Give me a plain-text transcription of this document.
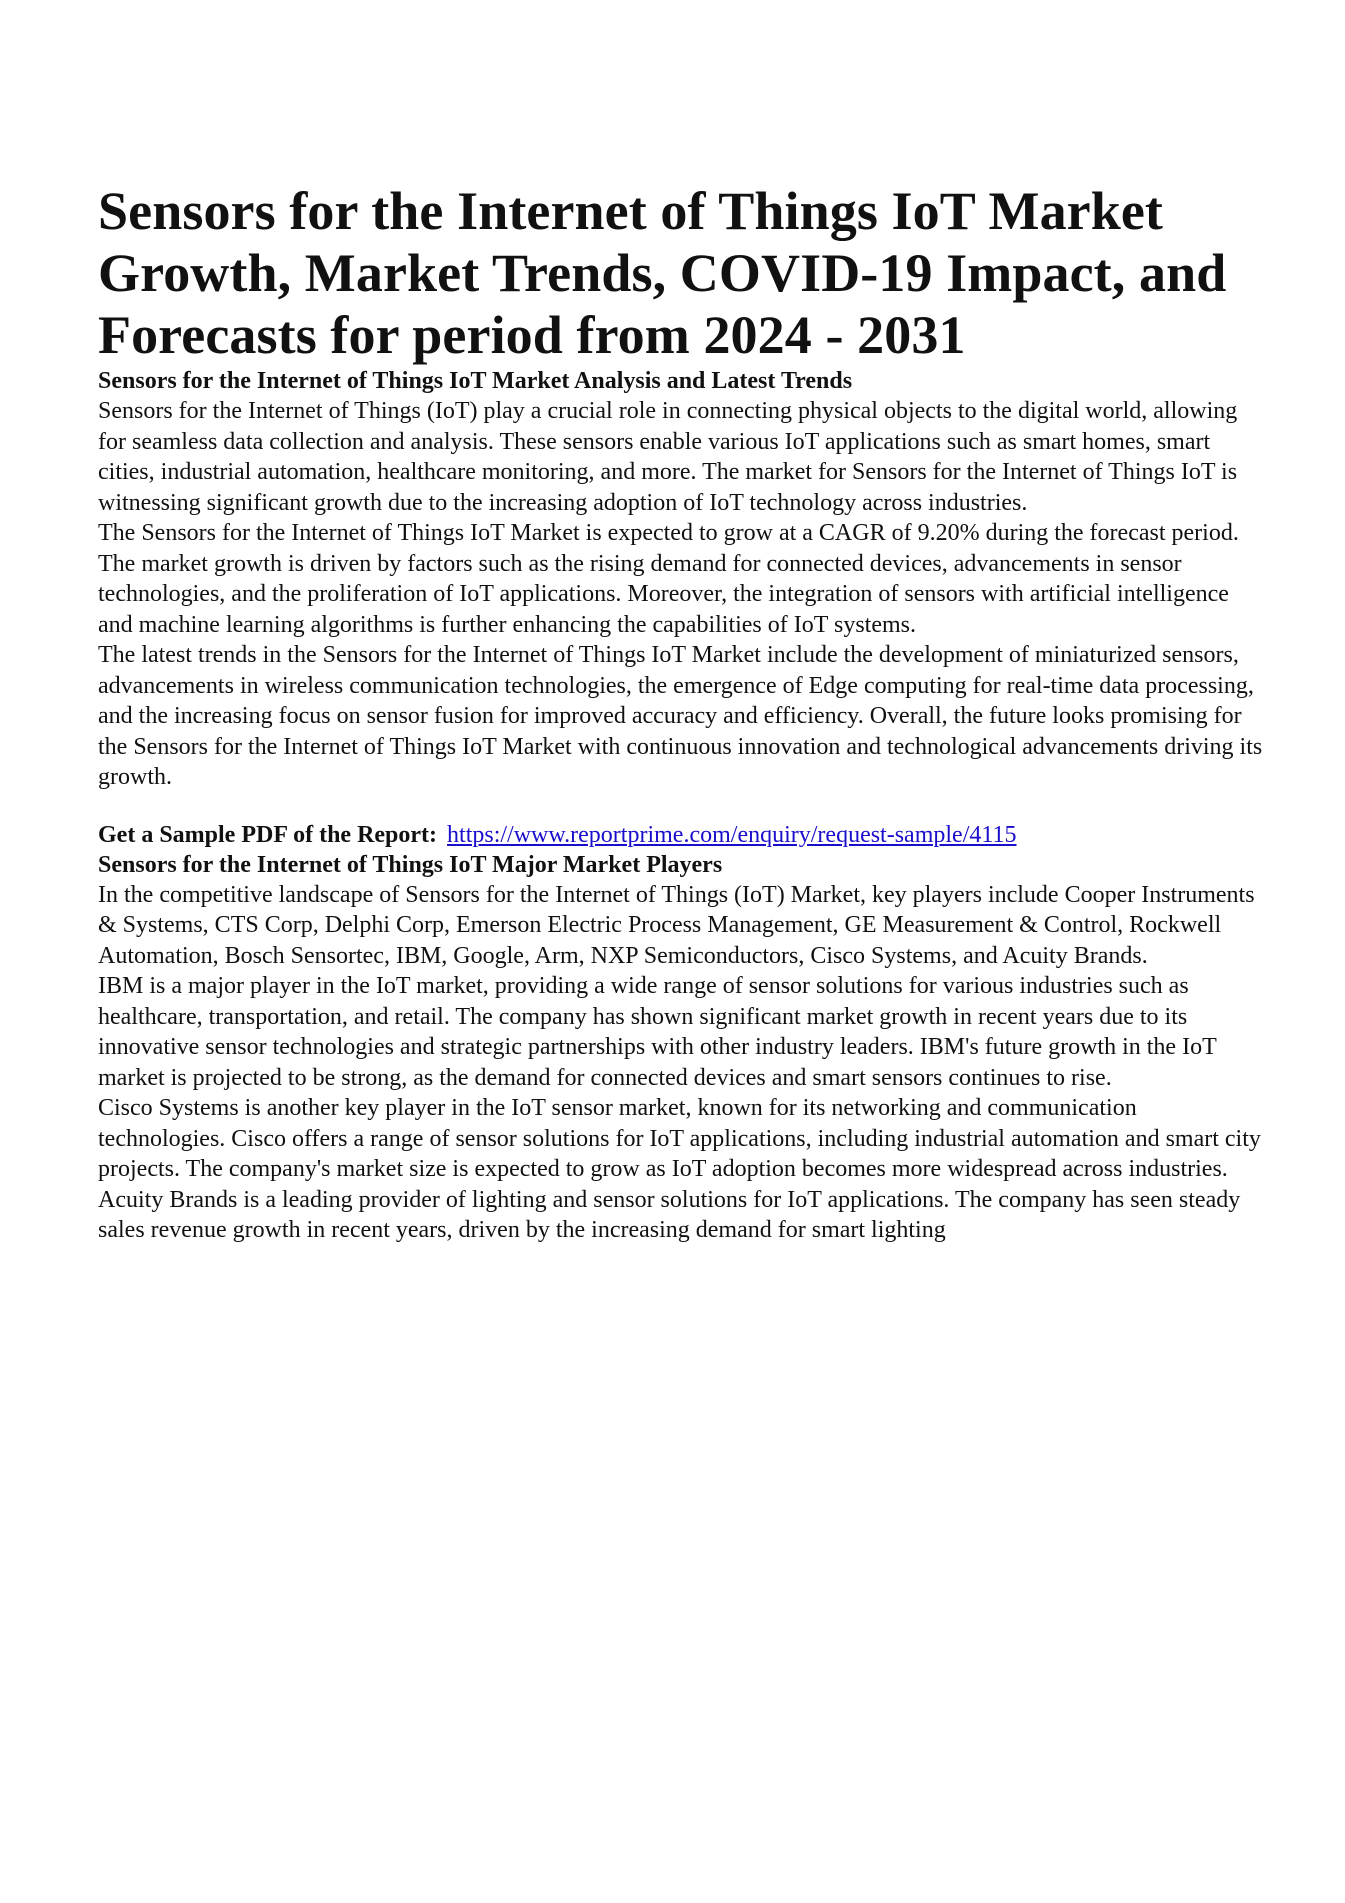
Sensors for the Internet of Things IoT Market Growth, Market Trends, COVID-19 Impact, and Forecasts for period from 2024 - 2031
Sensors for the Internet of Things IoT Market Analysis and Latest Trends

Sensors for the Internet of Things (IoT) play a crucial role in connecting physical objects to the digital world, allowing for seamless data collection and analysis. These sensors enable various IoT applications such as smart homes, smart cities, industrial automation, healthcare monitoring, and more. The market for Sensors for the Internet of Things IoT is witnessing significant growth due to the increasing adoption of IoT technology across industries.

The Sensors for the Internet of Things IoT Market is expected to grow at a CAGR of 9.20% during the forecast period. The market growth is driven by factors such as the rising demand for connected devices, advancements in sensor technologies, and the proliferation of IoT applications. Moreover, the integration of sensors with artificial intelligence and machine learning algorithms is further enhancing the capabilities of IoT systems.

The latest trends in the Sensors for the Internet of Things IoT Market include the development of miniaturized sensors, advancements in wireless communication technologies, the emergence of Edge computing for real-time data processing, and the increasing focus on sensor fusion for improved accuracy and efficiency. Overall, the future looks promising for the Sensors for the Internet of Things IoT Market with continuous innovation and technological advancements driving its growth.

Get a Sample PDF of the Report: https://www.reportprime.com/enquiry/request-sample/4115
Sensors for the Internet of Things IoT Major Market Players

In the competitive landscape of Sensors for the Internet of Things (IoT) Market, key players include Cooper Instruments & Systems, CTS Corp, Delphi Corp, Emerson Electric Process Management, GE Measurement & Control, Rockwell Automation, Bosch Sensortec, IBM, Google, Arm, NXP Semiconductors, Cisco Systems, and Acuity Brands.

IBM is a major player in the IoT market, providing a wide range of sensor solutions for various industries such as healthcare, transportation, and retail. The company has shown significant market growth in recent years due to its innovative sensor technologies and strategic partnerships with other industry leaders. IBM's future growth in the IoT market is projected to be strong, as the demand for connected devices and smart sensors continues to rise.

Cisco Systems is another key player in the IoT sensor market, known for its networking and communication technologies. Cisco offers a range of sensor solutions for IoT applications, including industrial automation and smart city projects. The company's market size is expected to grow as IoT adoption becomes more widespread across industries.

Acuity Brands is a leading provider of lighting and sensor solutions for IoT applications. The company has seen steady sales revenue growth in recent years, driven by the increasing demand for smart lighting
